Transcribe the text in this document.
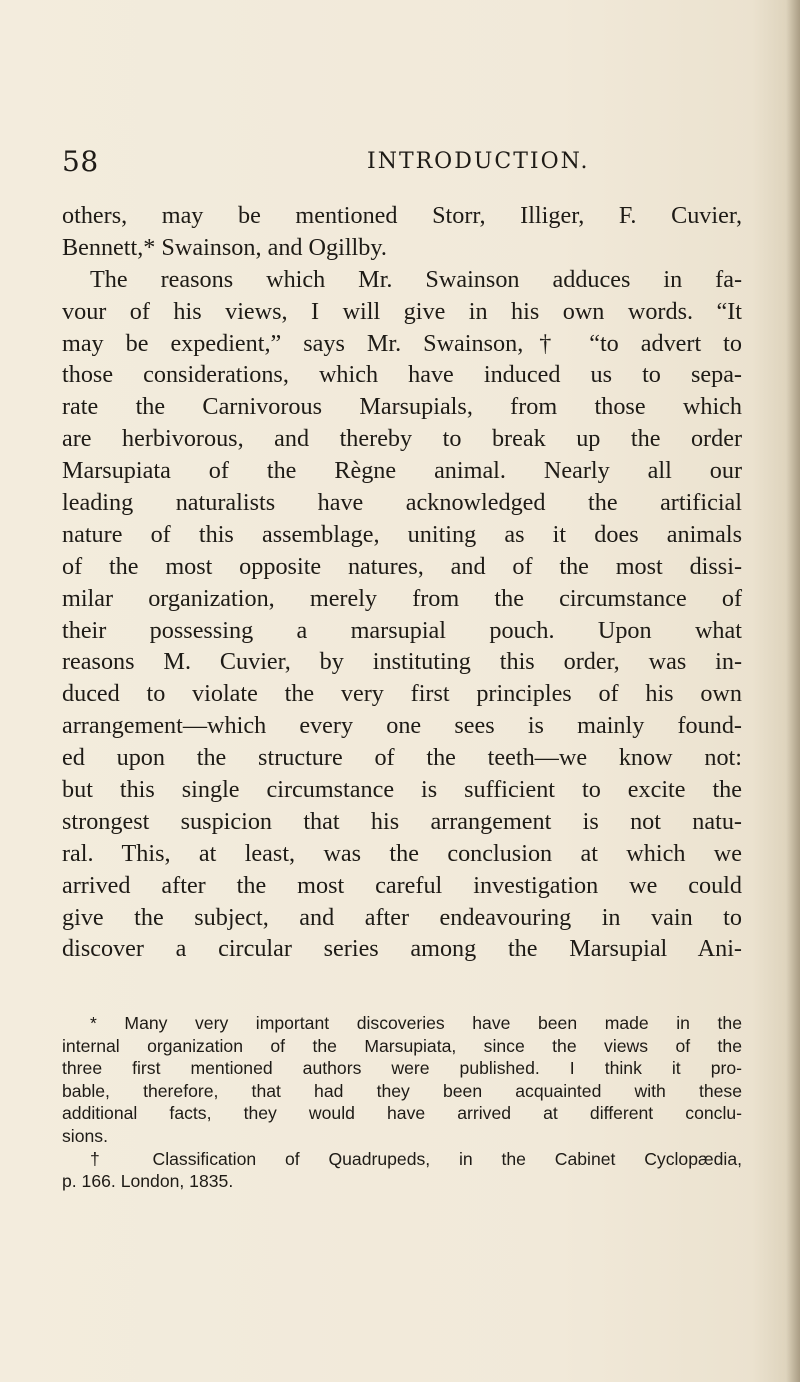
58	INTRODUCTION.
others, may be mentioned Storr, Illiger, F. Cuvier,
Bennett,* Swainson, and Ogillby.
The reasons which Mr. Swainson adduces in fa-
vour of his views, I will give in his own words. “It
may be expedient,” says Mr. Swainson,† “to advert to
those considerations, which have induced us to sepa-
rate the Carnivorous Marsupials, from those which
are herbivorous, and thereby to break up the order
Marsupiata of the Règne animal. Nearly all our
leading naturalists have acknowledged the artificial
nature of this assemblage, uniting as it does animals
of the most opposite natures, and of the most dissi-
milar organization, merely from the circumstance of
their possessing a marsupial pouch. Upon what
reasons M. Cuvier, by instituting this order, was in-
duced to violate the very first principles of his own
arrangement—which every one sees is mainly found-
ed upon the structure of the teeth—we know not:
but this single circumstance is sufficient to excite the
strongest suspicion that his arrangement is not natu-
ral. This, at least, was the conclusion at which we
arrived after the most careful investigation we could
give the subject, and after endeavouring in vain to
discover a circular series among the Marsupial Ani-
* Many very important discoveries have been made in the
internal organization of the Marsupiata, since the views of the
three first mentioned authors were published. I think it pro-
bable, therefore, that had they been acquainted with these
additional facts, they would have arrived at different conclu-
sions.
† Classification of Quadrupeds, in the Cabinet Cyclopædia,
p. 166. London, 1835.
